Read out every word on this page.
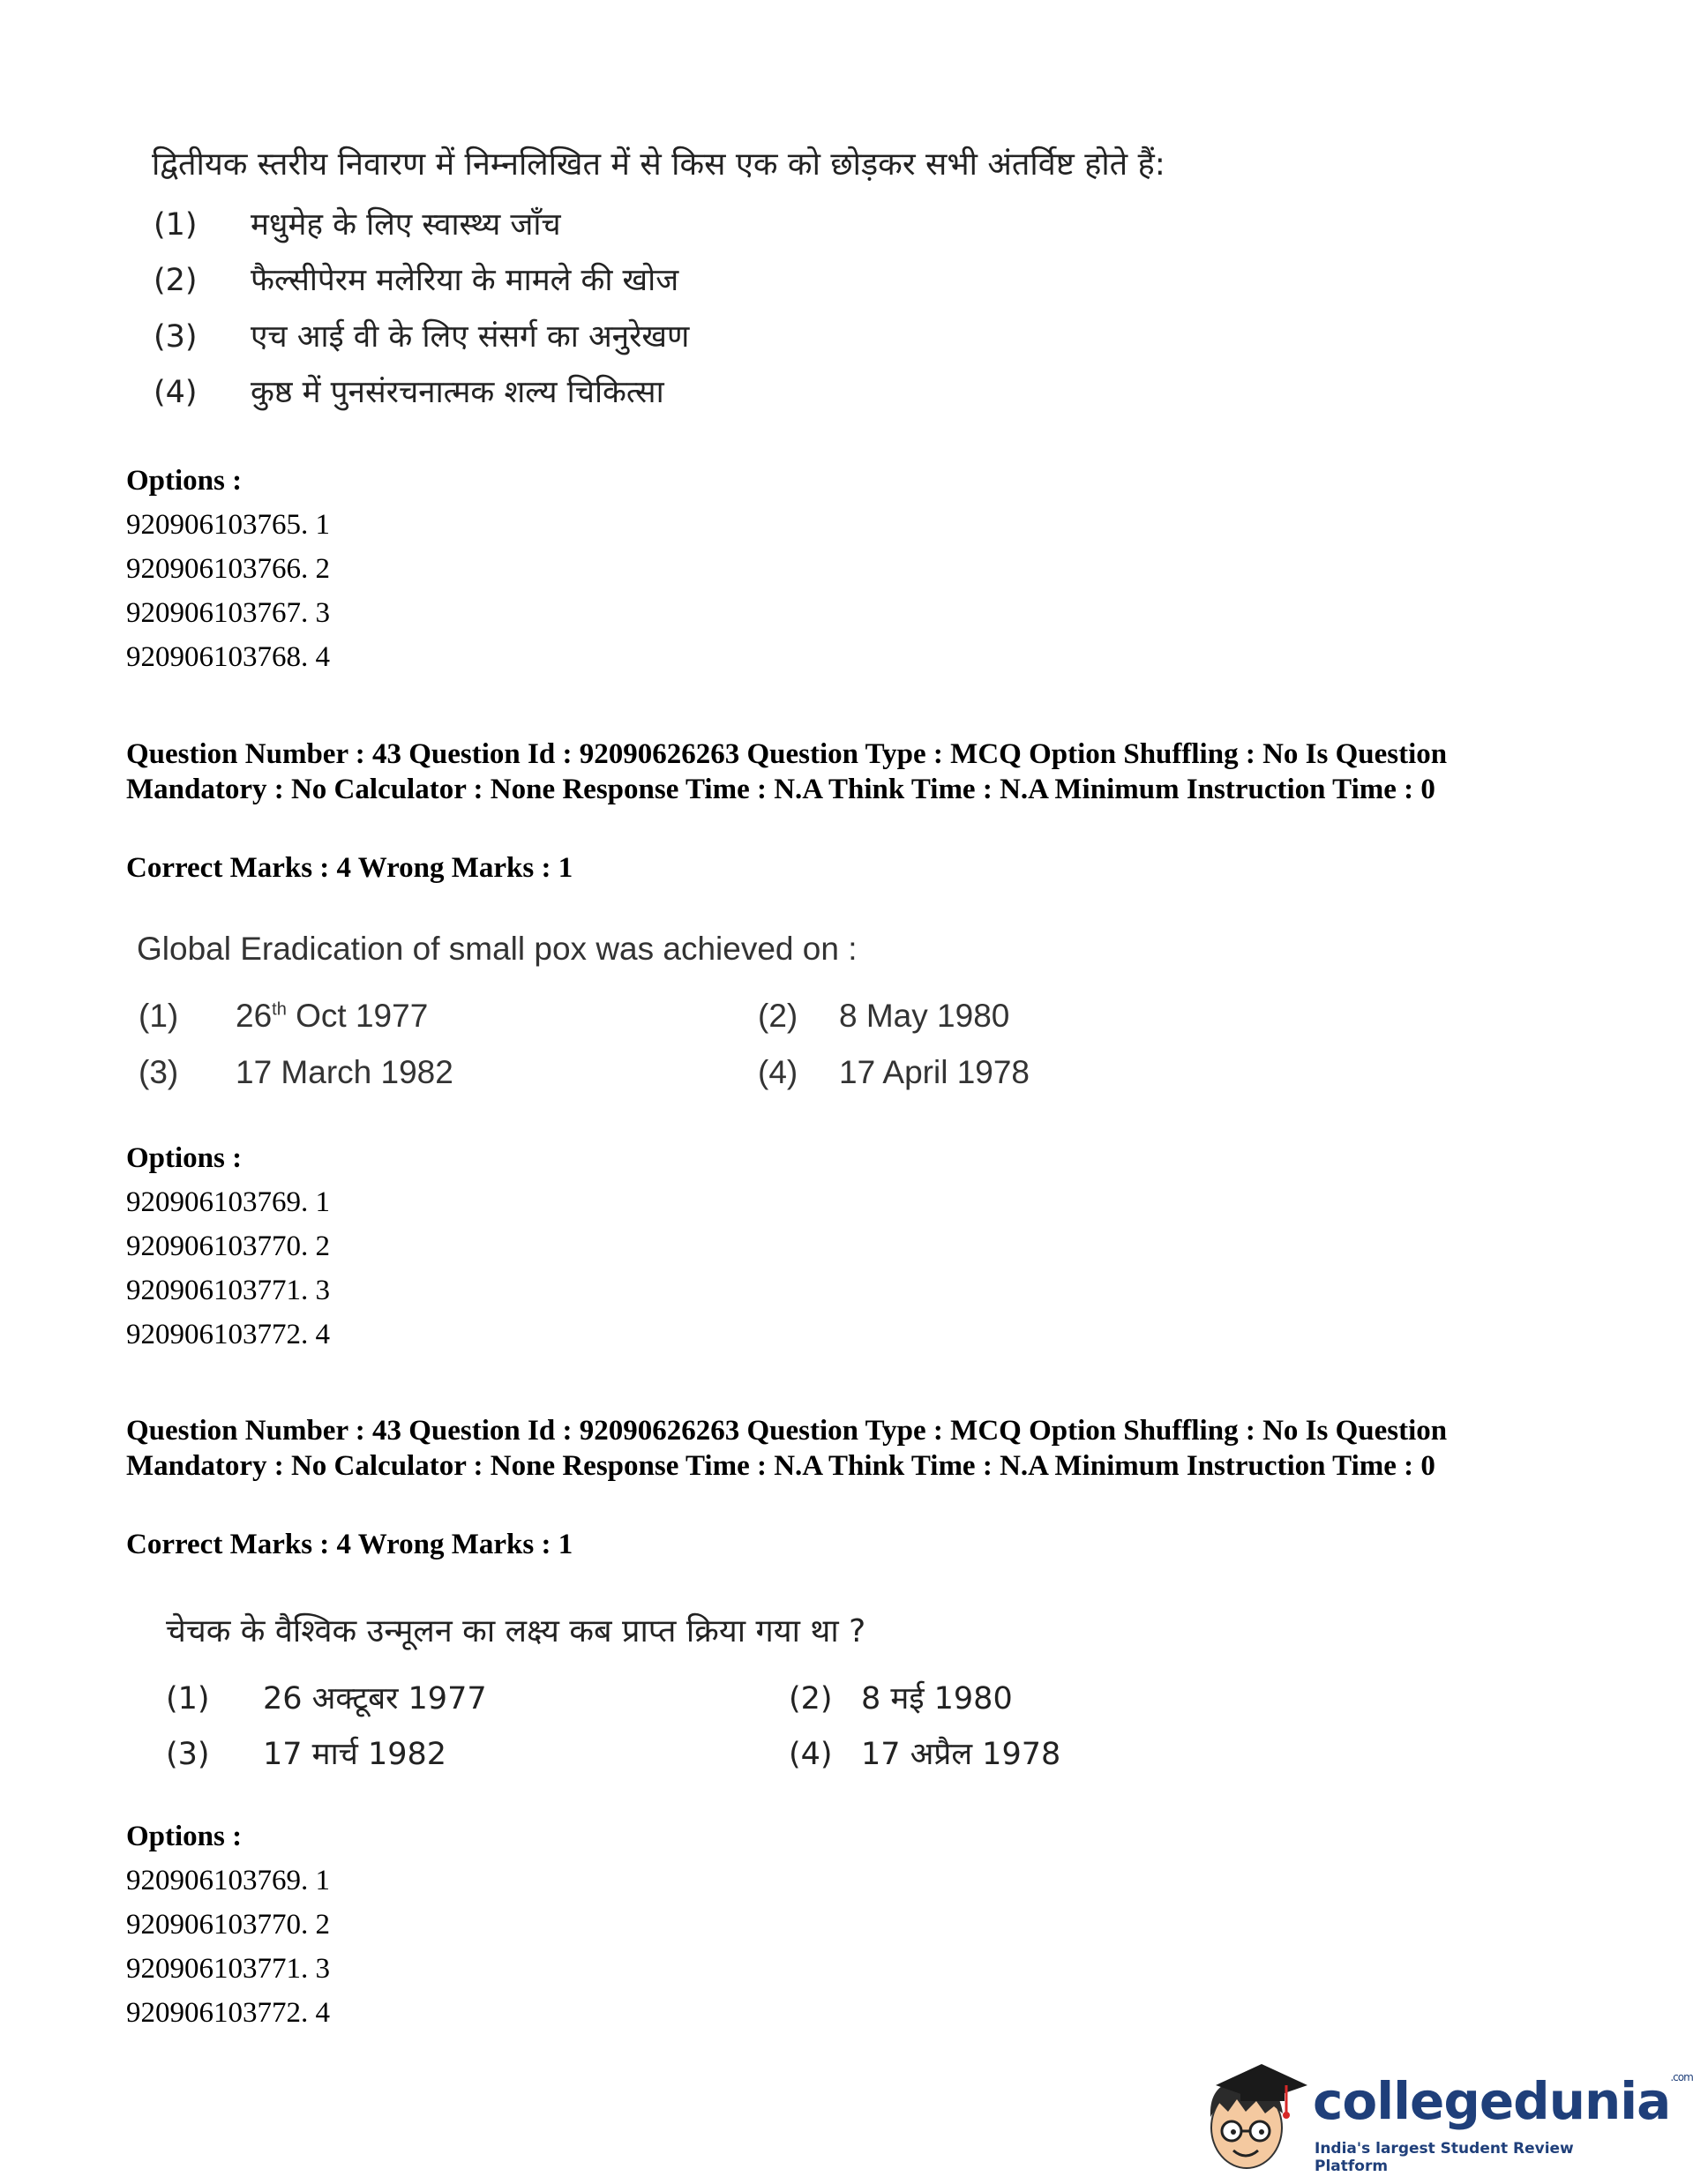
द्वितीयक स्तरीय निवारण में निम्नलिखित में से किस एक को छोड़कर सभी अंतर्विष्ट होते हैं:
(1) मधुमेह के लिए स्वास्थ्य जाँच
(2) फैल्सीपेरम मलेरिया के मामले की खोज
(3) एच आई वी के लिए संसर्ग का अनुरेखण
(4) कुष्ठ में पुनसंरचनात्मक शल्य चिकित्सा
Options :
920906103765. 1
920906103766. 2
920906103767. 3
920906103768. 4
Question Number : 43 Question Id : 92090626263 Question Type : MCQ Option Shuffling : No Is Question Mandatory : No Calculator : None Response Time : N.A Think Time : N.A Minimum Instruction Time : 0
Correct Marks : 4 Wrong Marks : 1
Global Eradication of small pox was achieved on :
(1) 26th Oct 1977	(2) 8 May 1980
(3) 17 March 1982	(4) 17 April 1978
Options :
920906103769. 1
920906103770. 2
920906103771. 3
920906103772. 4
Question Number : 43 Question Id : 92090626263 Question Type : MCQ Option Shuffling : No Is Question Mandatory : No Calculator : None Response Time : N.A Think Time : N.A Minimum Instruction Time : 0
Correct Marks : 4 Wrong Marks : 1
चेचक के वैश्विक उन्मूलन का लक्ष्य कब प्राप्त क्रिया गया था ?
(1) 26 अक्टूबर 1977	(2) 8 मई 1980
(3) 17 मार्च 1982	(4) 17 अप्रैल 1978
Options :
920906103769. 1
920906103770. 2
920906103771. 3
920906103772. 4
collegedunia$^{.com}$
India's largest Student Review Platform
